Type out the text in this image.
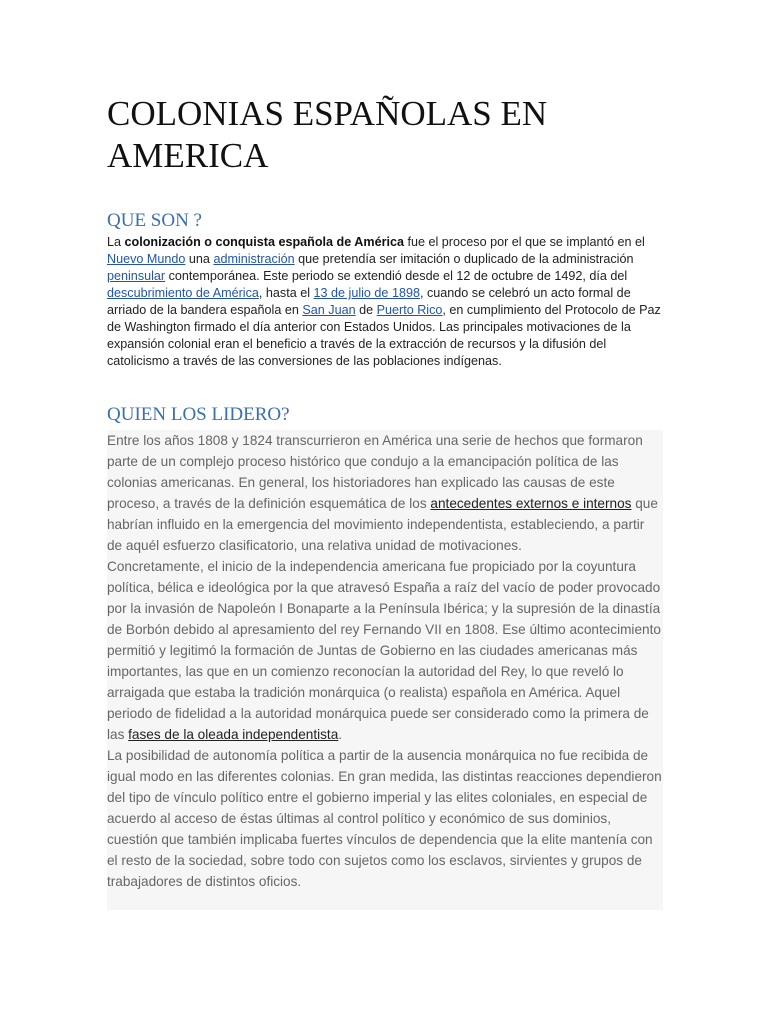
COLONIAS ESPAÑOLAS EN AMERICA
QUE SON ?
La colonización o conquista española de América fue el proceso por el que se implantó en el Nuevo Mundo una administración que pretendía ser imitación o duplicado de la administración peninsular contemporánea. Este periodo se extendió desde el 12 de octubre de 1492, día del descubrimiento de América, hasta el 13 de julio de 1898, cuando se celebró un acto formal de arriado de la bandera española en San Juan de Puerto Rico, en cumplimiento del Protocolo de Paz de Washington firmado el día anterior con Estados Unidos. Las principales motivaciones de la expansión colonial eran el beneficio a través de la extracción de recursos y la difusión del catolicismo a través de las conversiones de las poblaciones indígenas.
QUIEN LOS LIDERO?

Entre los años 1808 y 1824 transcurrieron en América una serie de hechos que formaron parte de un complejo proceso histórico que condujo a la emancipación política de las colonias americanas. En general, los historiadores han explicado las causas de este proceso, a través de la definición esquemática de los antecedentes externos e internos que habrían influido en la emergencia del movimiento independentista, estableciendo, a partir de aquél esfuerzo clasificatorio, una relativa unidad de motivaciones.

Concretamente, el inicio de la independencia americana fue propiciado por la coyuntura política, bélica e ideológica por la que atravesó España a raíz del vacío de poder provocado por la invasión de Napoleón I Bonaparte a la Península Ibérica; y la supresión de la dinastía de Borbón debido al apresamiento del rey Fernando VII en 1808. Ese último acontecimiento permitió y legitimó la formación de Juntas de Gobierno en las ciudades americanas más importantes, las que en un comienzo reconocían la autoridad del Rey, lo que reveló lo arraigada que estaba la tradición monárquica (o realista) española en América. Aquel periodo de fidelidad a la autoridad monárquica puede ser considerado como la primera de las fases de la oleada independentista.

La posibilidad de autonomía política a partir de la ausencia monárquica no fue recibida de igual modo en las diferentes colonias. En gran medida, las distintas reacciones dependieron del tipo de vínculo político entre el gobierno imperial y las elites coloniales, en especial de acuerdo al acceso de éstas últimas al control político y económico de sus dominios, cuestión que también implicaba fuertes vínculos de dependencia que la elite mantenía con el resto de la sociedad, sobre todo con sujetos como los esclavos, sirvientes y grupos de trabajadores de distintos oficios.
